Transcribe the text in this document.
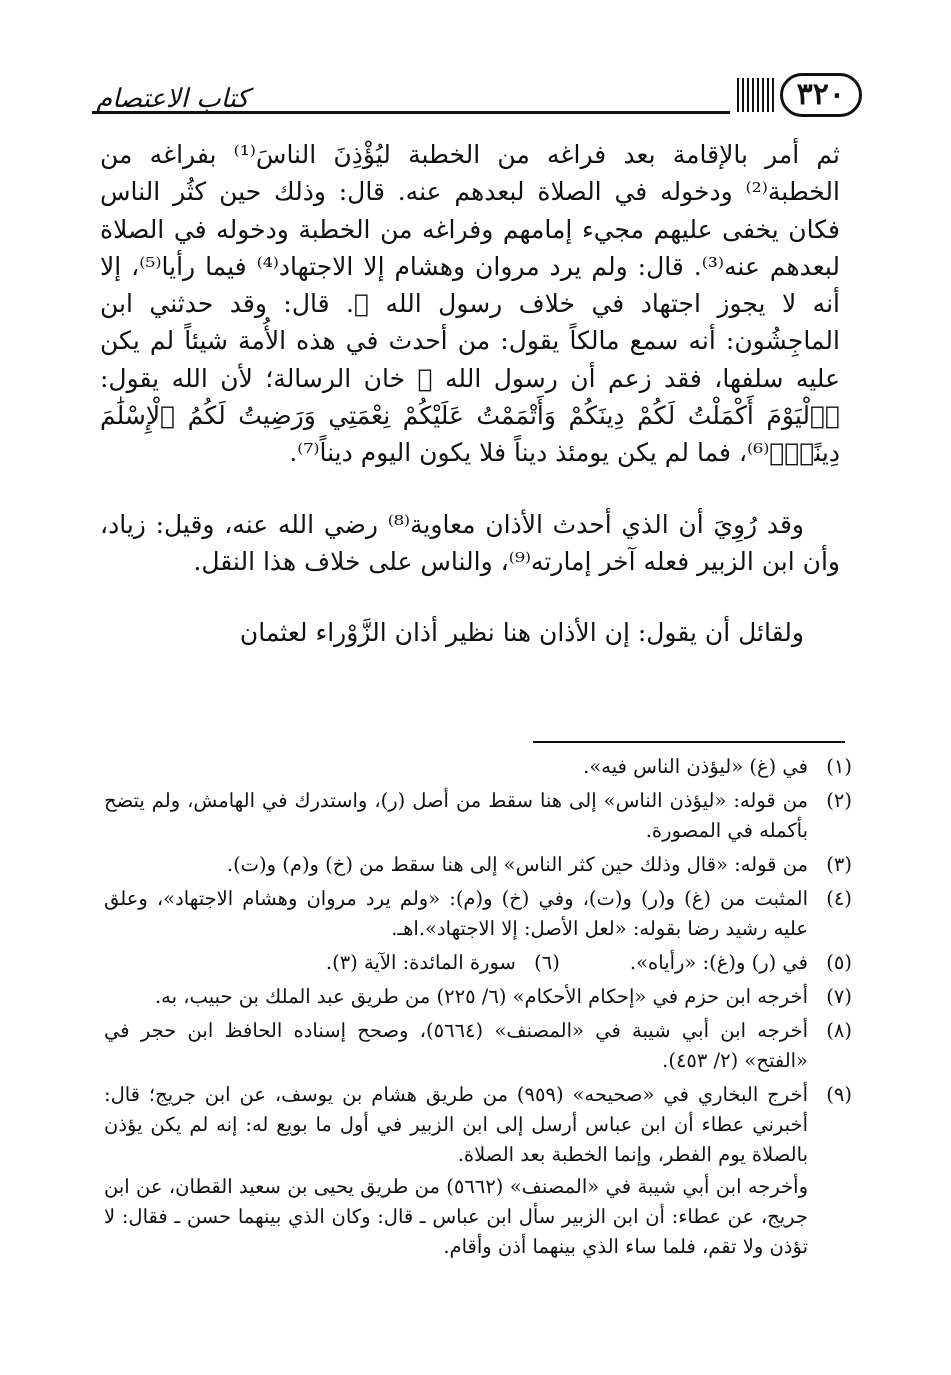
كتاب الاعتصام	٣٢٠

ثم أمر بالإقامة بعد فراغه من الخطبة ليُؤْذِنَ الناسَ⁽¹⁾ بفراغه من الخطبة⁽²⁾ ودخوله في الصلاة لبعدهم عنه. قال: وذلك حين كثُر الناس فكان يخفى عليهم مجيء إمامهم وفراغه من الخطبة ودخوله في الصلاة لبعدهم عنه⁽³⁾. قال: ولم يرد مروان وهشام إلا الاجتهاد⁽⁴⁾ فيما رأيا⁽⁵⁾، إلا أنه لا يجوز اجتهاد في خلاف رسول الله ﷺ. قال: وقد حدثني ابن الماجِشُون: أنه سمع مالكاً يقول: من أحدث في هذه الأُمة شيئاً لم يكن عليه سلفها، فقد زعم أن رسول الله ﷺ خان الرسالة؛ لأن الله يقول: ﴿ٱلْيَوْمَ أَكْمَلْتُ لَكُمْ دِينَكُمْ وَأَتْمَمْتُ عَلَيْكُمْ نِعْمَتِي وَرَضِيتُ لَكُمُ ٱلْإِسْلَٰمَ دِينًاۚ﴾⁽⁶⁾، فما لم يكن يومئذ ديناً فلا يكون اليوم ديناً⁽⁷⁾.

وقد رُوِيَ أن الذي أحدث الأذان معاوية⁽⁸⁾ رضي الله عنه، وقيل: زياد، وأن ابن الزبير فعله آخر إمارته⁽⁹⁾، والناس على خلاف هذا النقل.

ولقائل أن يقول: إن الأذان هنا نظير أذان الزَّوْراء لعثمان

(١)
في (غ) «ليؤذن الناس فيه».
(٢)
من قوله: «ليؤذن الناس» إلى هنا سقط من أصل (ر)، واستدرك في الهامش، ولم يتضح بأكمله في المصورة.
(٣)
من قوله: «قال وذلك حين كثر الناس» إلى هنا سقط من (خ) و(م) و(ت).
(٤)
المثبت من (غ) و(ر) و(ت)، وفي (خ) و(م): «ولم يرد مروان وهشام الاجتهاد»، وعلق عليه رشيد رضا بقوله: «لعل الأصل: إلا الاجتهاد».اهـ.
(٥)
في (ر) و(غ): «رأياه».
(٦)
سورة المائدة: الآية (٣).
(٧)
أخرجه ابن حزم في «إحكام الأحكام» (٦/ ٢٢٥) من طريق عبد الملك بن حبيب، به.
(٨)
أخرجه ابن أبي شيبة في «المصنف» (٥٦٦٤)، وصحح إسناده الحافظ ابن حجر في «الفتح» (٢/ ٤٥٣).
(٩)
أخرج البخاري في «صحيحه» (٩٥٩) من طريق هشام بن يوسف، عن ابن جريج؛ قال: أخبرني عطاء أن ابن عباس أرسل إلى ابن الزبير في أول ما بويع له: إنه لم يكن يؤذن بالصلاة يوم الفطر، وإنما الخطبة بعد الصلاة.
وأخرجه ابن أبي شيبة في «المصنف» (٥٦٦٢) من طريق يحيى بن سعيد القطان، عن ابن جريج، عن عطاء: أن ابن الزبير سأل ابن عباس ـ قال: وكان الذي بينهما حسن ـ فقال: لا تؤذن ولا تقم، فلما ساء الذي بينهما أذن وأقام.
